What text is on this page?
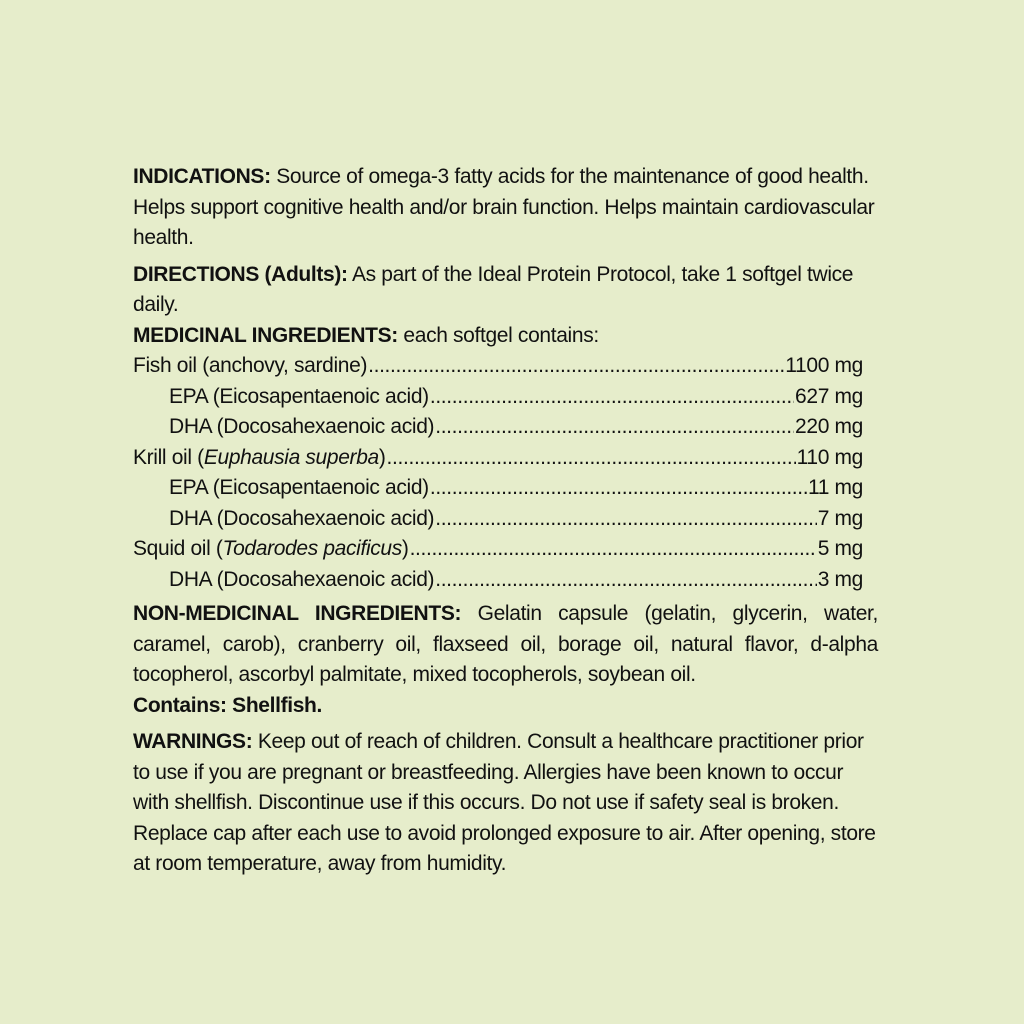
INDICATIONS: Source of omega-3 fatty acids for the maintenance of good health. Helps support cognitive health and/or brain function. Helps maintain cardiovascular health.
DIRECTIONS (Adults): As part of the Ideal Protein Protocol, take 1 softgel twice daily.
MEDICINAL INGREDIENTS: each softgel contains:
Fish oil (anchovy, sardine) .....	1100 mg
EPA (Eicosapentaenoic acid) .....	627 mg
DHA (Docosahexaenoic acid) .....	220 mg
Krill oil (Euphausia superba) .....	110 mg
EPA (Eicosapentaenoic acid) .....	11 mg
DHA (Docosahexaenoic acid) .....	7 mg
Squid oil (Todarodes pacificus) .....	5 mg
DHA (Docosahexaenoic acid) .....	3 mg
NON-MEDICINAL INGREDIENTS: Gelatin capsule (gelatin, glycerin, water, caramel, carob), cranberry oil, flaxseed oil, borage oil, natural flavor, d-alpha tocopherol, ascorbyl palmitate, mixed tocopherols, soybean oil.
Contains: Shellfish.
WARNINGS: Keep out of reach of children. Consult a healthcare practitioner prior to use if you are pregnant or breastfeeding. Allergies have been known to occur with shellfish. Discontinue use if this occurs. Do not use if safety seal is broken. Replace cap after each use to avoid prolonged exposure to air. After opening, store at room temperature, away from humidity.
